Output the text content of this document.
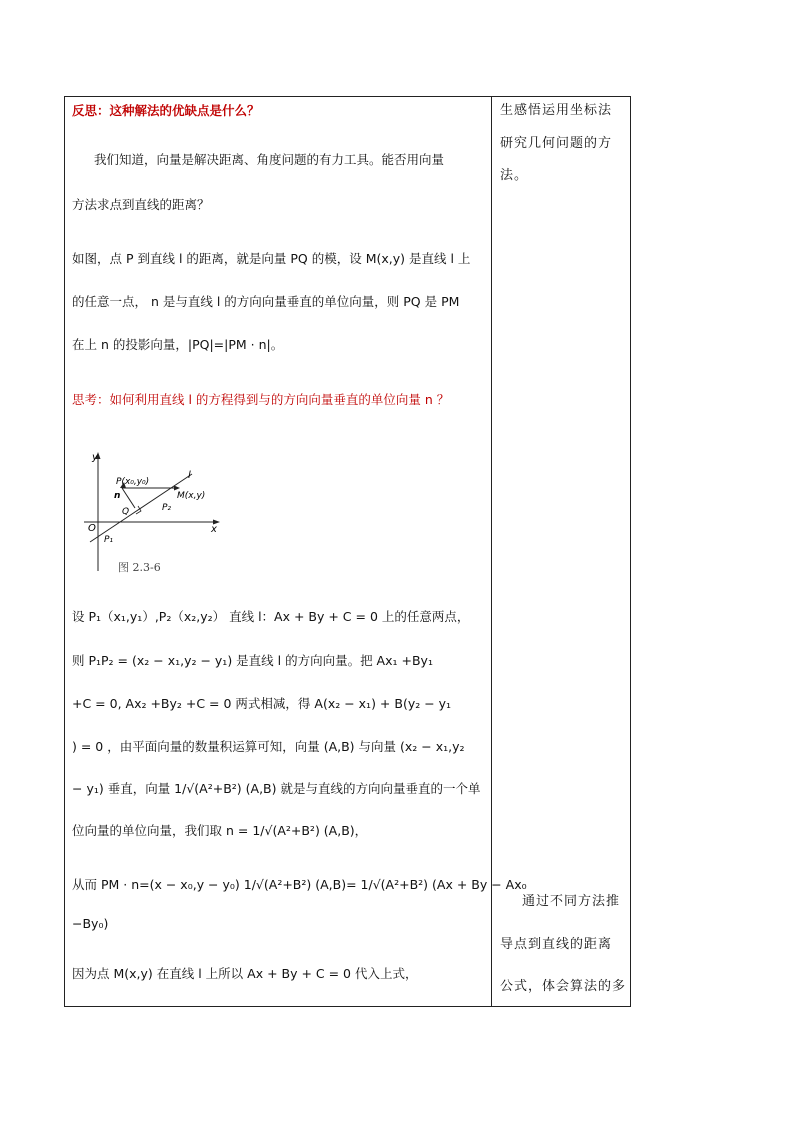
反思：这种解法的优缺点是什么？
我们知道，向量是解决距离、角度问题的有力工具。能否用向量
方法求点到直线的距离？
如图，点 P 到直线 l 的距离，就是向量 PQ 的模，设 M(x,y) 是直线 l 上
的任意一点， n 是与直线 l 的方向向量垂直的单位向量，则 PQ 是 PM
在上 n 的投影向量，|PQ|=|PM · n|。
思考：如何利用直线 l 的方程得到与的方向向量垂直的单位向量 n ？
y
x
O
P(x₀,y₀)
l
M(x,y)
n
Q
P₁
P₂
图 2.3-6
设 P₁（x₁,y₁）,P₂（x₂,y₂） 直线 l：Ax + By + C = 0 上的任意两点，
则 P₁P₂ = (x₂ − x₁,y₂ − y₁) 是直线 l 的方向向量。把 Ax₁ +By₁
+C = 0, Ax₂ +By₂ +C = 0 两式相减，得 A(x₂ − x₁) + B(y₂ − y₁
) = 0 ，由平面向量的数量积运算可知，向量 (A,B) 与向量 (x₂ − x₁,y₂
− y₁) 垂直，向量 1/√(A²+B²) (A,B) 就是与直线的方向向量垂直的一个单
位向量的单位向量，我们取 n = 1/√(A²+B²) (A,B)，
从而 PM · n=(x − x₀,y − y₀) 1/√(A²+B²) (A,B)= 1/√(A²+B²) (Ax + By − Ax₀
−By₀)
因为点 M(x,y) 在直线 l 上所以 Ax + By + C = 0 代入上式，
生感悟运用坐标法
研究几何问题的方
法。
通过不同方法推
导点到直线的距离
公式，体会算法的多
